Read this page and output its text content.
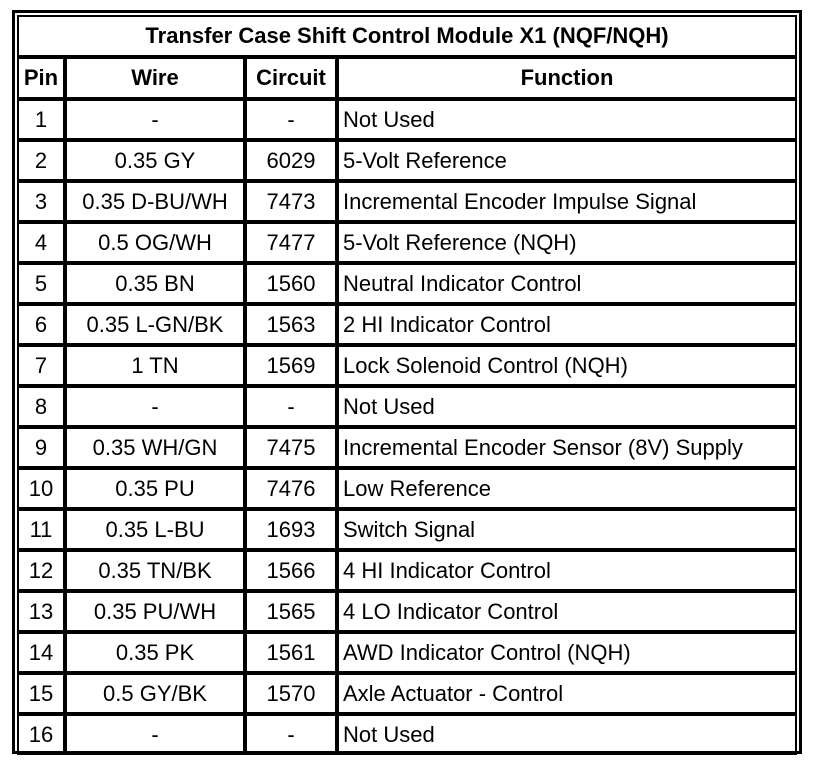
Transfer Case Shift Control Module X1 (NQF/NQH)			
Pin	Wire	Circuit	Function
1	-	-	Not Used
2	0.35 GY	6029	5-Volt Reference
3	0.35 D-BU/WH	7473	Incremental Encoder Impulse Signal
4	0.5 OG/WH	7477	5-Volt Reference (NQH)
5	0.35 BN	1560	Neutral Indicator Control
6	0.35 L-GN/BK	1563	2 HI Indicator Control
7	1 TN	1569	Lock Solenoid Control (NQH)
8	-	-	Not Used
9	0.35 WH/GN	7475	Incremental Encoder Sensor (8V) Supply
10	0.35 PU	7476	Low Reference
11	0.35 L-BU	1693	Switch Signal
12	0.35 TN/BK	1566	4 HI Indicator Control
13	0.35 PU/WH	1565	4 LO Indicator Control
14	0.35 PK	1561	AWD Indicator Control (NQH)
15	0.5 GY/BK	1570	Axle Actuator - Control
16	-	-	Not Used
